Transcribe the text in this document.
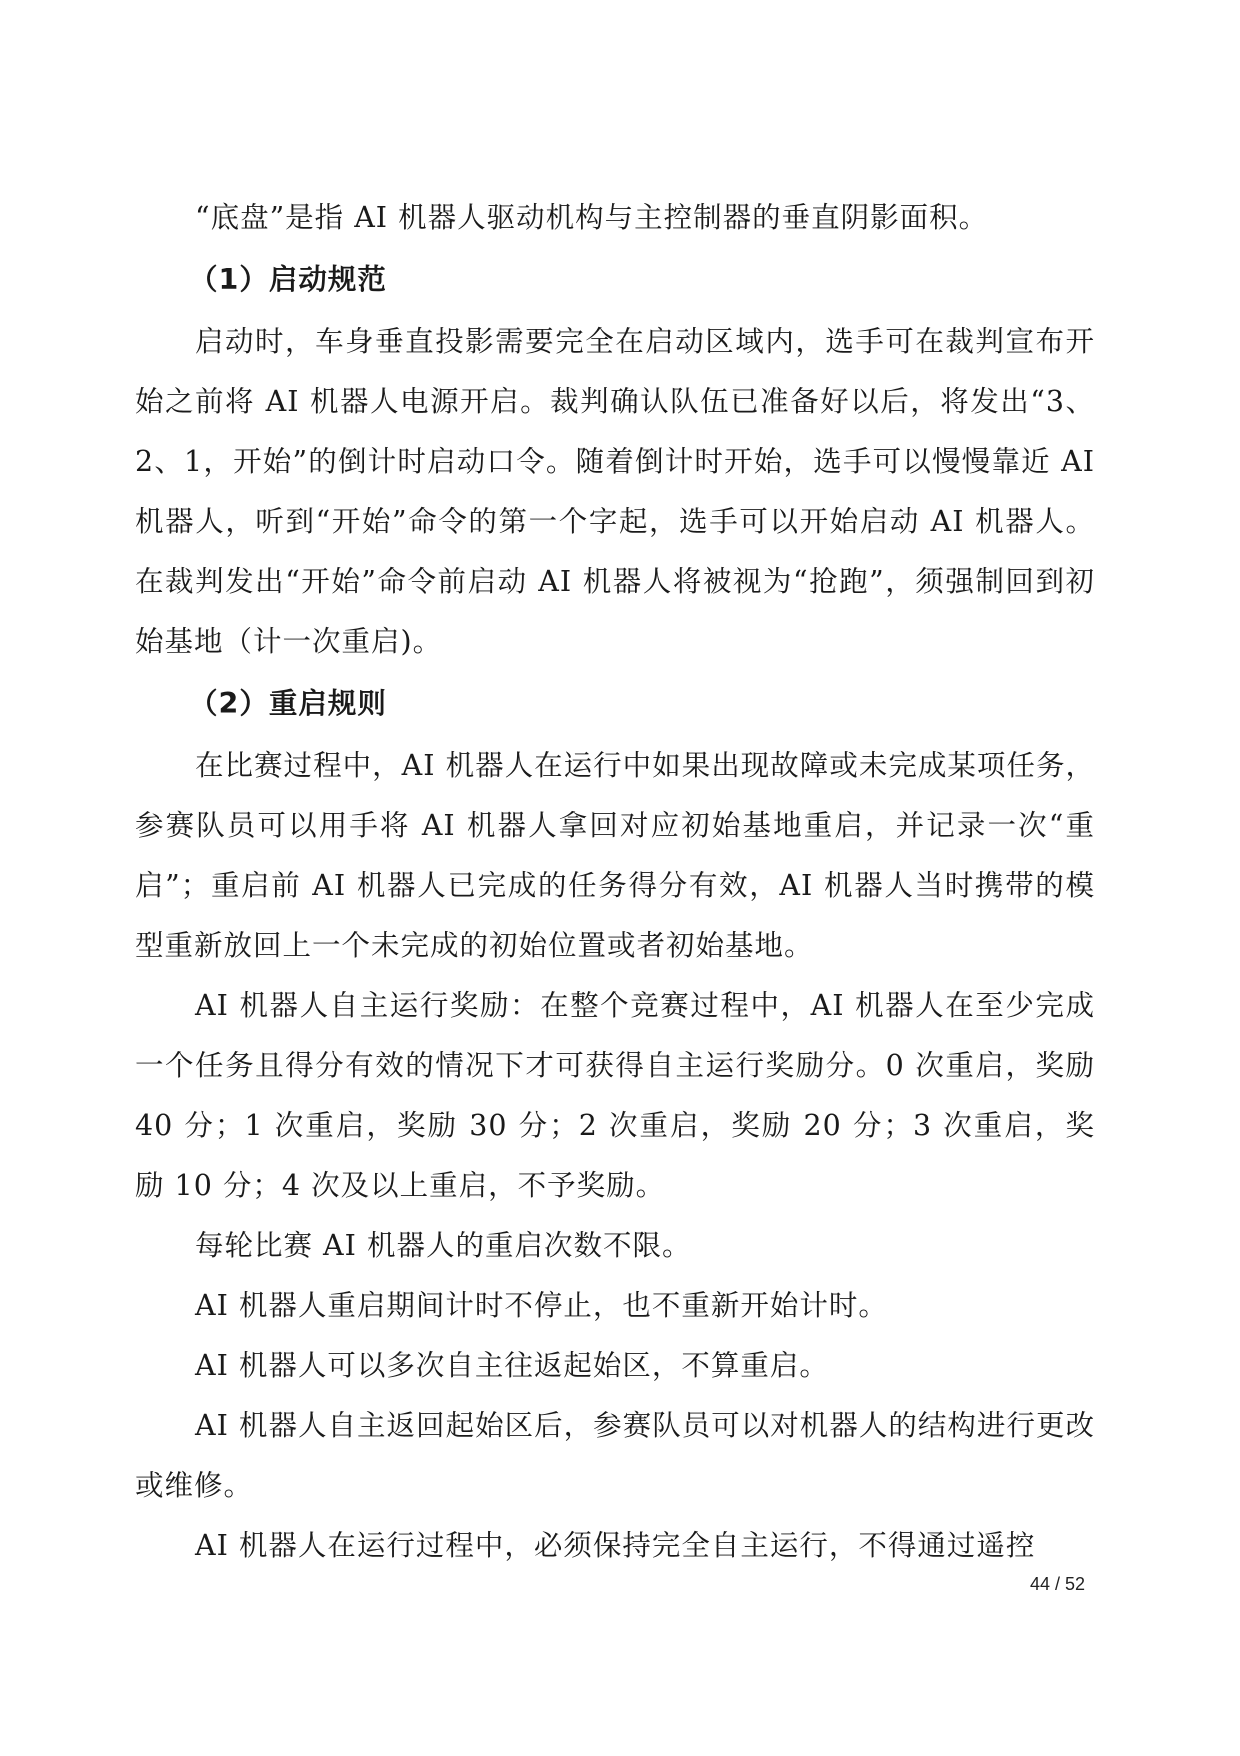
“底盘”是指 AI 机器人驱动机构与主控制器的垂直阴影面积。

（1）启动规范

启动时，车身垂直投影需要完全在启动区域内，选手可在裁判宣布开始之前将 AI 机器人电源开启。裁判确认队伍已准备好以后，将发出“3、2、1，开始”的倒计时启动口令。随着倒计时开始，选手可以慢慢靠近 AI 机器人，听到“开始”命令的第一个字起，选手可以开始启动 AI 机器人。在裁判发出“开始”命令前启动 AI 机器人将被视为“抢跑”，须强制回到初始基地（计一次重启)。

（2）重启规则

在比赛过程中，AI 机器人在运行中如果出现故障或未完成某项任务，参赛队员可以用手将 AI 机器人拿回对应初始基地重启，并记录一次“重启”；重启前 AI 机器人已完成的任务得分有效，AI 机器人当时携带的模型重新放回上一个未完成的初始位置或者初始基地。

AI 机器人自主运行奖励：在整个竞赛过程中，AI 机器人在至少完成一个任务且得分有效的情况下才可获得自主运行奖励分。0 次重启，奖励 40 分；1 次重启，奖励 30 分；2 次重启，奖励 20 分；3 次重启，奖励 10 分；4 次及以上重启，不予奖励。

每轮比赛 AI 机器人的重启次数不限。

AI 机器人重启期间计时不停止，也不重新开始计时。

AI 机器人可以多次自主往返起始区，不算重启。

AI 机器人自主返回起始区后，参赛队员可以对机器人的结构进行更改或维修。

AI 机器人在运行过程中，必须保持完全自主运行，不得通过遥控

44 / 52
